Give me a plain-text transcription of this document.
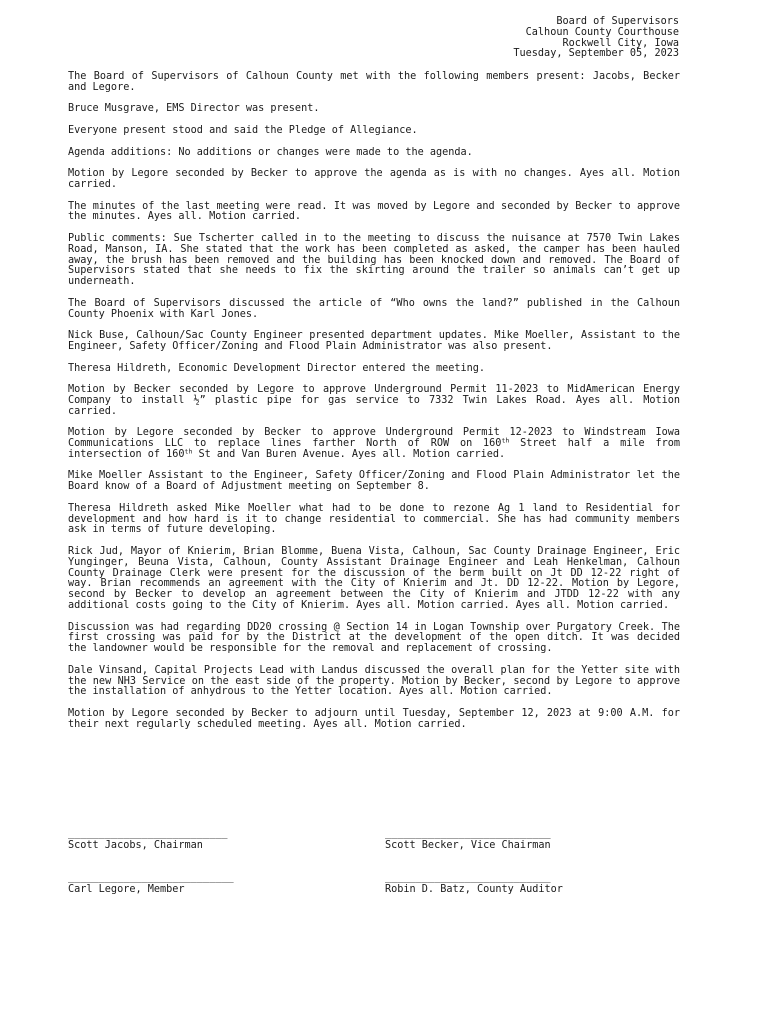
Board of Supervisors
Calhoun County Courthouse
Rockwell City, Iowa
Tuesday, September 05, 2023

The Board of Supervisors of Calhoun County met with the following members present: Jacobs, Becker and Legore.

Bruce Musgrave, EMS Director was present.

Everyone present stood and said the Pledge of Allegiance.

Agenda additions: No additions or changes were made to the agenda.

Motion by Legore seconded by Becker to approve the agenda as is with no changes. Ayes all. Motion carried.

The minutes of the last meeting were read. It was moved by Legore and seconded by Becker to approve the minutes. Ayes all. Motion carried.

Public comments: Sue Tscherter called in to the meeting to discuss the nuisance at 7570 Twin Lakes Road, Manson, IA. She stated that the work has been completed as asked, the camper has been hauled away, the brush has been removed and the building has been knocked down and removed. The Board of Supervisors stated that she needs to fix the skirting around the trailer so animals can’t get up underneath.

The Board of Supervisors discussed the article of “Who owns the land?” published in the Calhoun County Phoenix with Karl Jones.

Nick Buse, Calhoun/Sac County Engineer presented department updates. Mike Moeller, Assistant to the Engineer, Safety Officer/Zoning and Flood Plain Administrator was also present.

Theresa Hildreth, Economic Development Director entered the meeting.

Motion by Becker seconded by Legore to approve Underground Permit 11-2023 to MidAmerican Energy Company to install ½” plastic pipe for gas service to 7332 Twin Lakes Road. Ayes all. Motion carried.

Motion by Legore seconded by Becker to approve Underground Permit 12-2023 to Windstream Iowa Communications LLC to replace lines farther North of ROW on 160th Street half a mile from intersection of 160th St and Van Buren Avenue. Ayes all. Motion carried.

Mike Moeller Assistant to the Engineer, Safety Officer/Zoning and Flood Plain Administrator let the Board know of a Board of Adjustment meeting on September 8.

Theresa Hildreth asked Mike Moeller what had to be done to rezone Ag 1 land to Residential for development and how hard is it to change residential to commercial. She has had community members ask in terms of future developing.

Rick Jud, Mayor of Knierim, Brian Blomme, Buena Vista, Calhoun, Sac County Drainage Engineer, Eric Yunginger, Beuna Vista, Calhoun, County Assistant Drainage Engineer and Leah Henkelman, Calhoun County Drainage Clerk were present for the discussion of the berm built on Jt DD 12-22 right of way. Brian recommends an agreement with the City of Knierim and Jt. DD 12-22. Motion by Legore, second by Becker to develop an agreement between the City of Knierim and JTDD 12-22 with any additional costs going to the City of Knierim. Ayes all. Motion carried. Ayes all. Motion carried.

Discussion was had regarding DD20 crossing @ Section 14 in Logan Township over Purgatory Creek. The first crossing was paid for by the District at the development of the open ditch. It was decided the landowner would be responsible for the removal and replacement of crossing.

Dale Vinsand, Capital Projects Lead with Landus discussed the overall plan for the Yetter site with the new NH3 Service on the east side of the property. Motion by Becker, second by Legore to approve the installation of anhydrous to the Yetter location. Ayes all. Motion carried.

Motion by Legore seconded by Becker to adjourn until Tuesday, September 12, 2023 at 9:00 A.M. for their next regularly scheduled meeting. Ayes all. Motion carried.

__________________________
Scott Jacobs, Chairman
___________________________
Scott Becker, Vice Chairman
___________________________
Carl Legore, Member
___________________________
Robin D. Batz, County Auditor
